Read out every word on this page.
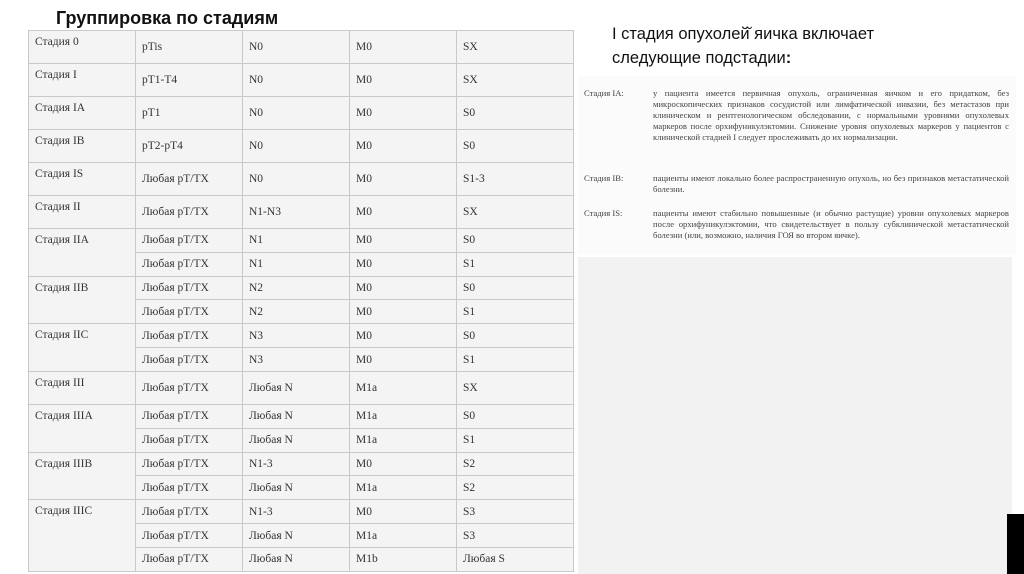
Группировка по стадиям
Стадия 0	pTis	N0	M0	SX
Стадия I	pT1-T4	N0	M0	SX
Стадия IA	pT1	N0	M0	S0
Стадия IB	pT2-pT4	N0	M0	S0
Стадия IS	Любая pT/TX	N0	M0	S1-3
Стадия II	Любая pT/TX	N1-N3	M0	SX
Стадия IIA	Любая pT/TX	N1	M0	S0
	Любая pT/TX	N1	M0	S1
Стадия IIB	Любая pT/TX	N2	M0	S0
	Любая pT/TX	N2	M0	S1
Стадия IIC	Любая pT/TX	N3	M0	S0
	Любая pT/TX	N3	M0	S1
Стадия III	Любая pT/TX	Любая N	M1a	SX
Стадия IIIA	Любая pT/TX	Любая N	M1a	S0
	Любая pT/TX	Любая N	M1a	S1
Стадия IIIB	Любая pT/TX	N1-3	M0	S2
	Любая pT/TX	Любая N	M1a	S2
Стадия IIIC	Любая pT/TX	N1-3	M0	S3
	Любая pT/TX	Любая N	M1a	S3
	Любая pT/TX	Любая N	M1b	Любая S
I стадия опухолей̆ яичка включает
следующие подстадии:
Стадия IA:	у пациента имеется первичная опухоль, ограниченная яичком и его придатком, без микроскопических признаков сосудистой или лимфатической инвазии, без метастазов при клиническом и рентгенологическом обследовании, с нормальными уровнями опухолевых маркеров после орхифуникулэктомии. Снижение уровня опухолевых маркеров у пациентов с клинической стадией I следует прослеживать до их нормализации.
Стадия IB:	пациенты имеют локально более распространенную опухоль, но без признаков метастатической болезни.
Стадия IS:	пациенты имеют стабильно повышенные (и обычно растущие) уровни опухолевых маркеров после орхифуникулэктомии, что свидетельствует в пользу субклинической метастатической болезни (или, возможно, наличия ГОЯ во втором яичке).
